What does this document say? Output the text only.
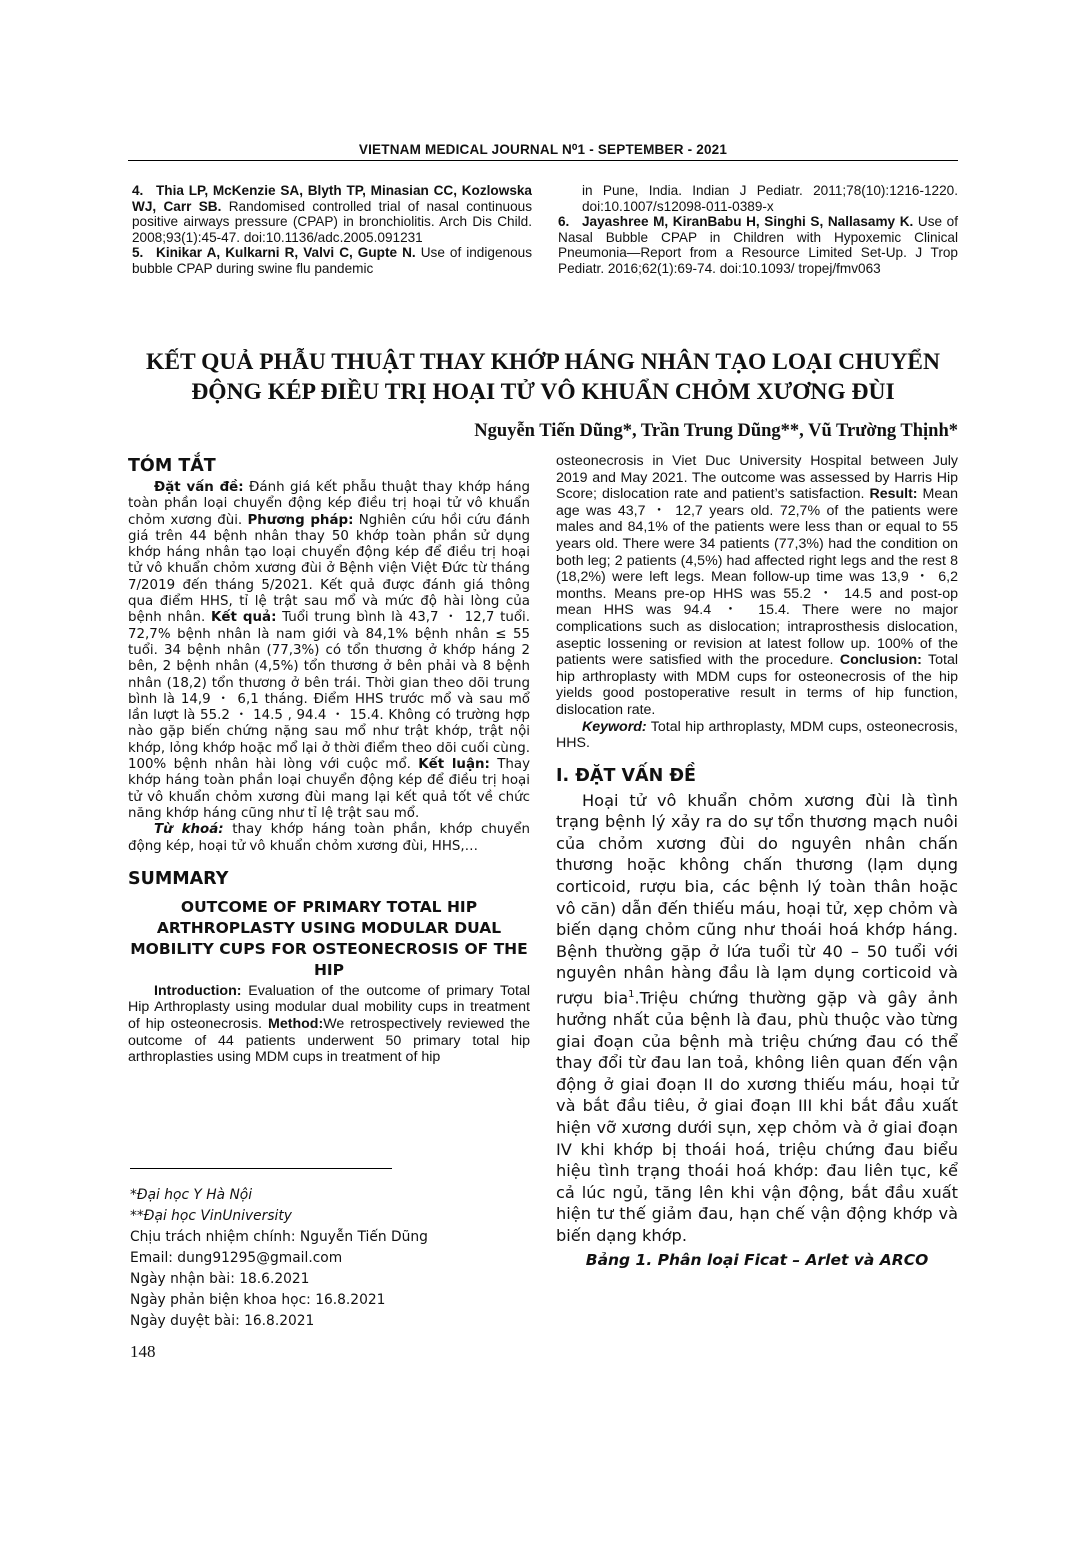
VIETNAM MEDICAL JOURNAL N⁰1 - SEPTEMBER - 2021
4. Thia LP, McKenzie SA, Blyth TP, Minasian CC, Kozlowska WJ, Carr SB. Randomised controlled trial of nasal continuous positive airways pressure (CPAP) in bronchiolitis. Arch Dis Child. 2008;93(1):45-47. doi:10.1136/adc.2005.091231
5. Kinikar A, Kulkarni R, Valvi C, Gupte N. Use of indigenous bubble CPAP during swine flu pandemic
in Pune, India. Indian J Pediatr. 2011;78(10):1216-1220. doi:10.1007/s12098-011-0389-x
6. Jayashree M, KiranBabu H, Singhi S, Nallasamy K. Use of Nasal Bubble CPAP in Children with Hypoxemic Clinical Pneumonia—Report from a Resource Limited Set-Up. J Trop Pediatr. 2016;62(1):69-74. doi:10.1093/ tropej/fmv063
KẾT QUẢ PHẪU THUẬT THAY KHỚP HÁNG NHÂN TẠO LOẠI CHUYỂN
ĐỘNG KÉP ĐIỀU TRỊ HOẠI TỬ VÔ KHUẨN CHỎM XƯƠNG ĐÙI
Nguyễn Tiến Dũng*, Trần Trung Dũng**, Vũ Trường Thịnh*
TÓM TẮT

Đặt vấn đề: Đánh giá kết phẫu thuật thay khớp háng toàn phần loại chuyển động kép điều trị hoại tử vô khuẩn chỏm xương đùi. Phương pháp: Nghiên cứu hồi cứu đánh giá trên 44 bệnh nhân thay 50 khớp toàn phần sử dụng khớp háng nhân tạo loại chuyển động kép để điều trị hoại tử vô khuẩn chỏm xương đùi ở Bệnh viện Việt Đức từ tháng 7/2019 đến tháng 5/2021. Kết quả được đánh giá thông qua điểm HHS, tỉ lệ trật sau mổ và mức độ hài lòng của bệnh nhân. Kết quả: Tuổi trung bình là 43,7 ・ 12,7 tuổi. 72,7% bệnh nhân là nam giới và 84,1% bệnh nhân ≤ 55 tuổi. 34 bệnh nhân (77,3%) có tổn thương ở khớp háng 2 bên, 2 bệnh nhân (4,5%) tổn thương ở bên phải và 8 bệnh nhân (18,2) tổn thương ở bên trái. Thời gian theo dõi trung bình là 14,9 ・ 6,1 tháng. Điểm HHS trước mổ và sau mổ lần lượt là 55.2 ・ 14.5 , 94.4 ・ 15.4. Không có trường hợp nào gặp biến chứng nặng sau mổ như trật khớp, trật nội khớp, lỏng khớp hoặc mổ lại ở thời điểm theo dõi cuối cùng. 100% bệnh nhân hài lòng với cuộc mổ. Kết luận: Thay khớp háng toàn phần loại chuyển động kép để điều trị hoại tử vô khuẩn chỏm xương đùi mang lại kết quả tốt về chức năng khớp háng cũng như tỉ lệ trật sau mổ.

Từ khoá: thay khớp háng toàn phần, khớp chuyển động kép, hoại tử vô khuẩn chỏm xương đùi, HHS,…

SUMMARY
OUTCOME OF PRIMARY TOTAL HIP ARTHROPLASTY USING MODULAR DUAL MOBILITY CUPS FOR OSTEONECROSIS OF THE HIP

Introduction: Evaluation of the outcome of primary Total Hip Arthroplasty using modular dual mobility cups in treatment of hip osteonecrosis. Method:We retrospectively reviewed the outcome of 44 patients underwent 50 primary total hip arthroplasties using MDM cups in treatment of hip

osteonecrosis in Viet Duc University Hospital between July 2019 and May 2021. The outcome was assessed by Harris Hip Score; dislocation rate and patient’s satisfaction. Result: Mean age was 43,7 ・ 12,7 years old. 72,7% of the patients were males and 84,1% of the patients were less than or equal to 55 years old. There were 34 patients (77,3%) had the condition on both leg; 2 patients (4,5%) had affected right legs and the rest 8 (18,2%) were left legs. Mean follow-up time was 13,9 ・ 6,2 months. Means pre-op HHS was 55.2 ・ 14.5 and post-op mean HHS was 94.4 ・ 15.4. There were no major complications such as dislocation; intraprosthesis dislocation, aseptic lossening or revision at latest follow up. 100% of the patients were satisfied with the procedure. Conclusion: Total hip arthroplasty with MDM cups for osteonecrosis of the hip yields good postoperative result in terms of hip function, dislocation rate.

Keyword: Total hip arthroplasty, MDM cups, osteonecrosis, HHS.

I. ĐẶT VẤN ĐỀ

Hoại tử vô khuẩn chỏm xương đùi là tình trạng bệnh lý xảy ra do sự tổn thương mạch nuôi của chỏm xương đùi do nguyên nhân chấn thương hoặc không chấn thương (lạm dụng corticoid, rượu bia, các bệnh lý toàn thân hoặc vô căn) dẫn đến thiếu máu, hoại tử, xẹp chỏm và biến dạng chỏm cũng như thoái hoá khớp háng. Bệnh thường gặp ở lứa tuổi từ 40 – 50 tuổi với nguyên nhân hàng đầu là lạm dụng corticoid và rượu bia$^1$.Triệu chứng thường gặp và gây ảnh hưởng nhất của bệnh là đau, phù thuộc vào từng giai đoạn của bệnh mà triệu chứng đau có thể thay đổi từ đau lan toả, không liên quan đến vận động ở giai đoạn II do xương thiếu máu, hoại tử và bắt đầu tiêu, ở giai đoạn III khi bắt đầu xuất hiện vỡ xương dưới sụn, xẹp chỏm và ở giai đoạn IV khi khớp bị thoái hoá, triệu chứng đau biểu hiệu tình trạng thoái hoá khớp: đau liên tục, kể cả lúc ngủ, tăng lên khi vận động, bắt đầu xuất hiện tư thế giảm đau, hạn chế vận động khớp và biến dạng khớp.

Bảng 1. Phân loại Ficat – Arlet và ARCO
*Đại học Y Hà Nội
**Đại học VinUniversity
Chịu trách nhiệm chính: Nguyễn Tiến Dũng
Email: dung91295@gmail.com
Ngày nhận bài: 18.6.2021
Ngày phản biện khoa học: 16.8.2021
Ngày duyệt bài: 16.8.2021
148
